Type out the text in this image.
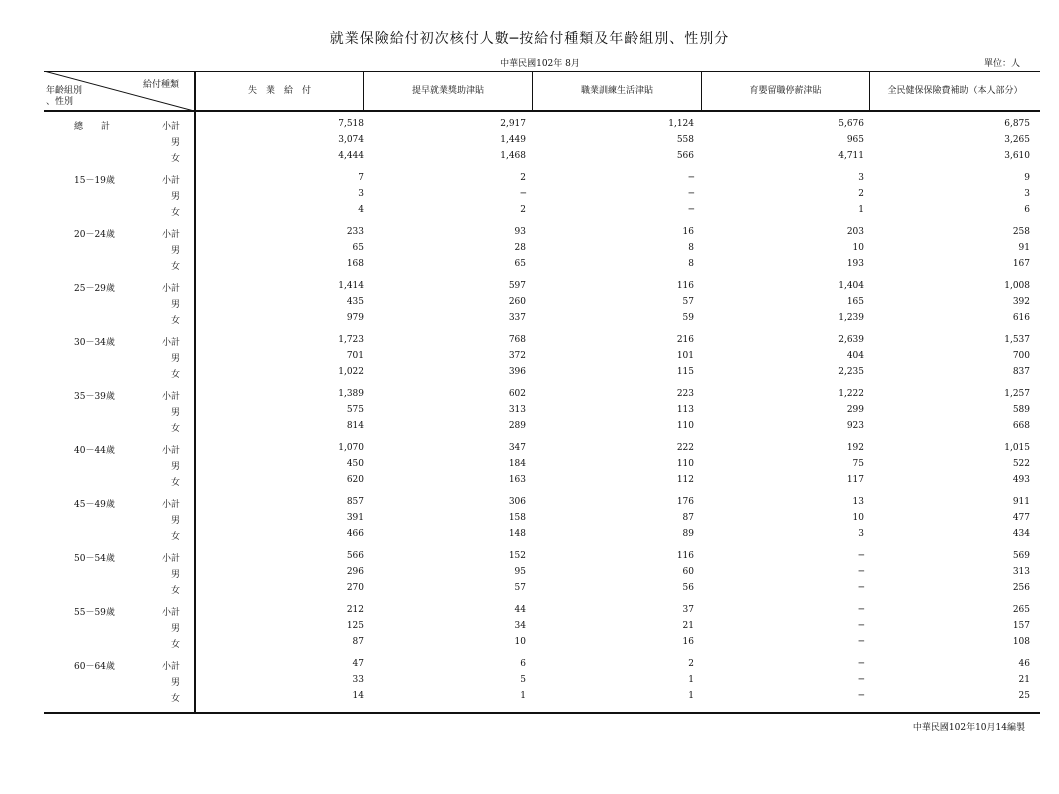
就業保險給付初次核付人數─按給付種類及年齡組別、性別分
中華民國102年 8月	單位：人
給付種類
年齡組別
、性別
失　業　給　付	提早就業獎助津貼	職業訓練生活津貼	育嬰留職停薪津貼	全民健保保險費補助（本人部分）
總　　計	小計	7,518	2,917	1,124	5,676	6,875
男	3,074	1,449	558	965	3,265
女	4,444	1,468	566	4,711	3,610
15－19歲	小計	7	2	─	3	9
男	3	─	─	2	3
女	4	2	─	1	6
20－24歲	小計	233	93	16	203	258
男	65	28	8	10	91
女	168	65	8	193	167
25－29歲	小計	1,414	597	116	1,404	1,008
男	435	260	57	165	392
女	979	337	59	1,239	616
30－34歲	小計	1,723	768	216	2,639	1,537
男	701	372	101	404	700
女	1,022	396	115	2,235	837
35－39歲	小計	1,389	602	223	1,222	1,257
男	575	313	113	299	589
女	814	289	110	923	668
40－44歲	小計	1,070	347	222	192	1,015
男	450	184	110	75	522
女	620	163	112	117	493
45－49歲	小計	857	306	176	13	911
男	391	158	87	10	477
女	466	148	89	3	434
50－54歲	小計	566	152	116	─	569
男	296	95	60	─	313
女	270	57	56	─	256
55－59歲	小計	212	44	37	─	265
男	125	34	21	─	157
女	87	10	16	─	108
60－64歲	小計	47	6	2	─	46
男	33	5	1	─	21
女	14	1	1	─	25
中華民國102年10月14編製
